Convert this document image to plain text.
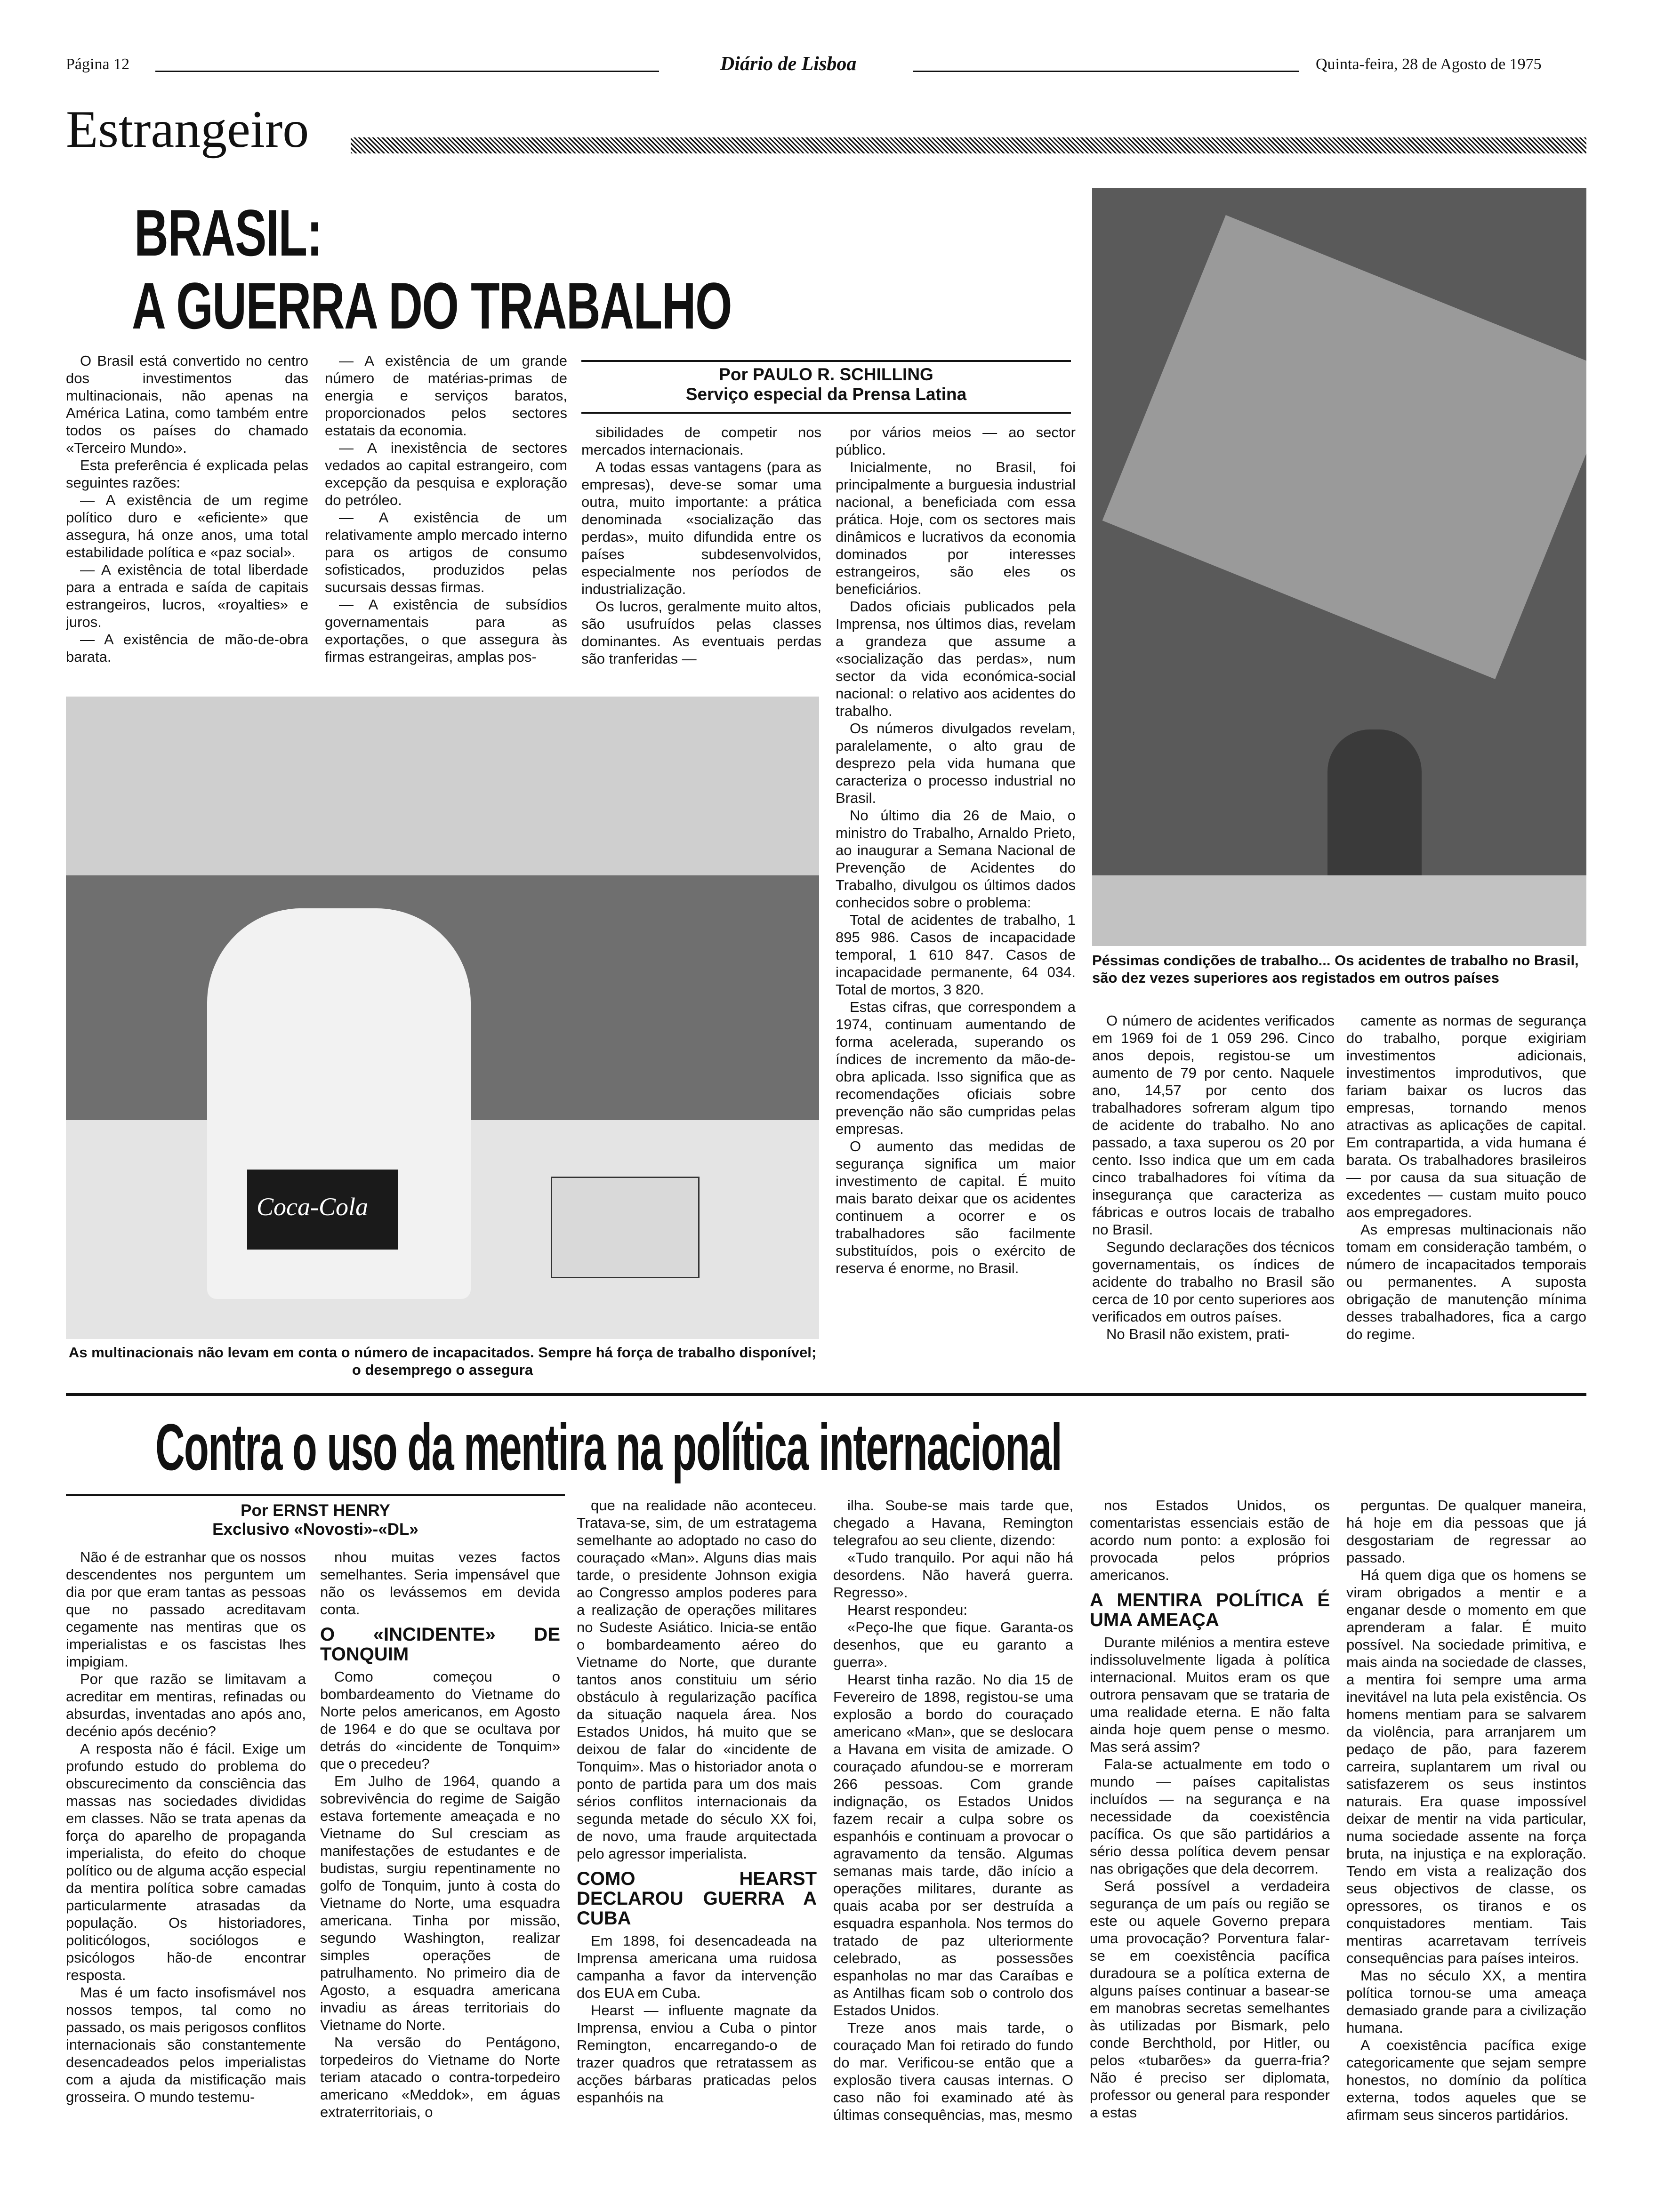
Página 12	Diário de Lisboa	Quinta-feira, 28 de Agosto de 1975
Estrangeiro
BRASIL:
A GUERRA DO TRABALHO
Por PAULO R. SCHILLING
Serviço especial da Prensa Latina

O Brasil está convertido no centro dos investimentos das multinacionais, não apenas na América Latina, como também entre todos os países do chamado «Terceiro Mundo».

Esta preferência é explicada pelas seguintes razões:

— A existência de um regime político duro e «eficiente» que assegura, há onze anos, uma total estabilidade política e «paz social».

— A existência de total liberdade para a entrada e saída de capitais estrangeiros, lucros, «royalties» e juros.

— A existência de mão-de-obra barata.

— A existência de um grande número de matérias-primas de energia e serviços baratos, proporcionados pelos sectores estatais da economia.

— A inexistência de sectores vedados ao capital estrangeiro, com excepção da pesquisa e exploração do petróleo.

— A existência de um relativamente amplo mercado interno para os artigos de consumo sofisticados, produzidos pelas sucursais dessas firmas.

— A existência de subsídios governamentais para as exportações, o que assegura às firmas estrangeiras, amplas pos-

sibilidades de competir nos mercados internacionais.

A todas essas vantagens (para as empresas), deve-se somar uma outra, muito importante: a prática denominada «socialização das perdas», muito difundida entre os países subdesenvolvidos, especialmente nos períodos de industrialização.

Os lucros, geralmente muito altos, são usufruídos pelas classes dominantes. As eventuais perdas são tranferidas —

por vários meios — ao sector público.

Inicialmente, no Brasil, foi principalmente a burguesia industrial nacional, a beneficiada com essa prática. Hoje, com os sectores mais dinâmicos e lucrativos da economia dominados por interesses estrangeiros, são eles os beneficiários.

Dados oficiais publicados pela Imprensa, nos últimos dias, revelam a grandeza que assume a «socialização das perdas», num sector da vida económica-social nacional: o relativo aos acidentes do trabalho.

Os números divulgados revelam, paralelamente, o alto grau de desprezo pela vida humana que caracteriza o processo industrial no Brasil.

No último dia 26 de Maio, o ministro do Trabalho, Arnaldo Prieto, ao inaugurar a Semana Nacional de Prevenção de Acidentes do Trabalho, divulgou os últimos dados conhecidos sobre o problema:

Total de acidentes de trabalho, 1 895 986. Casos de incapacidade temporal, 1 610 847. Casos de incapacidade permanente, 64 034. Total de mortos, 3 820.

Estas cifras, que correspondem a 1974, continuam aumentando de forma acelerada, superando os índices de incremento da mão-de-obra aplicada. Isso significa que as recomendações oficiais sobre prevenção não são cumpridas pelas empresas.

O aumento das medidas de segurança significa um maior investimento de capital. É muito mais barato deixar que os acidentes continuem a ocorrer e os trabalhadores são facilmente substituídos, pois o exército de reserva é enorme, no Brasil.

Coca-Cola
As multinacionais não levam em conta o número de incapacitados. Sempre há força de trabalho disponível; o desemprego o assegura
Péssimas condições de trabalho... Os acidentes de trabalho no Brasil, são dez vezes superiores aos registados em outros países

O número de acidentes verificados em 1969 foi de 1 059 296. Cinco anos depois, registou-se um aumento de 79 por cento. Naquele ano, 14,57 por cento dos trabalhadores sofreram algum tipo de acidente do trabalho. No ano passado, a taxa superou os 20 por cento. Isso indica que um em cada cinco trabalhadores foi vítima da insegurança que caracteriza as fábricas e outros locais de trabalho no Brasil.

Segundo declarações dos técnicos governamentais, os índices de acidente do trabalho no Brasil são cerca de 10 por cento superiores aos verificados em outros países.

No Brasil não existem, prati-

camente as normas de segurança do trabalho, porque exigiriam investimentos adicionais, investimentos improdutivos, que fariam baixar os lucros das empresas, tornando menos atractivas as aplicações de capital. Em contrapartida, a vida humana é barata. Os trabalhadores brasileiros — por causa da sua situação de excedentes — custam muito pouco aos empregadores.

As empresas multinacionais não tomam em consideração também, o número de incapacitados temporais ou permanentes. A suposta obrigação de manutenção mínima desses trabalhadores, fica a cargo do regime.

Contra o uso da mentira na política internacional
Por ERNST HENRY
Exclusivo «Novosti»-«DL»

Não é de estranhar que os nossos descendentes nos perguntem um dia por que eram tantas as pessoas que no passado acreditavam cegamente nas mentiras que os imperialistas e os fascistas lhes impigiam.

Por que razão se limitavam a acreditar em mentiras, refinadas ou absurdas, inventadas ano após ano, decénio após decénio?

A resposta não é fácil. Exige um profundo estudo do problema do obscurecimento da consciência das massas nas sociedades divididas em classes. Não se trata apenas da força do aparelho de propaganda imperialista, do efeito do choque político ou de alguma acção especial da mentira política sobre camadas particularmente atrasadas da população. Os historiadores, politicólogos, sociólogos e psicólogos hão-de encontrar resposta.

Mas é um facto insofismável nos nossos tempos, tal como no passado, os mais perigosos conflitos internacionais são constantemente desencadeados pelos imperialistas com a ajuda da mistificação mais grosseira. O mundo testemu-

nhou muitas vezes factos semelhantes. Seria impensável que não os levássemos em devida conta.

O «INCIDENTE» DE TONQUIM

Como começou o bombardeamento do Vietname do Norte pelos americanos, em Agosto de 1964 e do que se ocultava por detrás do «incidente de Tonquim» que o precedeu?

Em Julho de 1964, quando a sobrevivência do regime de Saigão estava fortemente ameaçada e no Vietname do Sul cresciam as manifestações de estudantes e de budistas, surgiu repentinamente no golfo de Tonquim, junto à costa do Vietname do Norte, uma esquadra americana. Tinha por missão, segundo Washington, realizar simples operações de patrulhamento. No primeiro dia de Agosto, a esquadra americana invadiu as áreas territoriais do Vietname do Norte.

Na versão do Pentágono, torpedeiros do Vietname do Norte teriam atacado o contra-torpedeiro americano «Meddok», em águas extraterritoriais, o

que na realidade não aconteceu. Tratava-se, sim, de um estratagema semelhante ao adoptado no caso do couraçado «Man». Alguns dias mais tarde, o presidente Johnson exigia ao Congresso amplos poderes para a realização de operações militares no Sudeste Asiático. Inicia-se então o bombardeamento aéreo do Vietname do Norte, que durante tantos anos constituiu um sério obstáculo à regularização pacífica da situação naquela área. Nos Estados Unidos, há muito que se deixou de falar do «incidente de Tonquim». Mas o historiador anota o ponto de partida para um dos mais sérios conflitos internacionais da segunda metade do século XX foi, de novo, uma fraude arquitectada pelo agressor imperialista.

COMO HEARST DECLAROU GUERRA A CUBA

Em 1898, foi desencadeada na Imprensa americana uma ruidosa campanha a favor da intervenção dos EUA em Cuba.

Hearst — influente magnate da Imprensa, enviou a Cuba o pintor Remington, encarregando-o de trazer quadros que retratassem as acções bárbaras praticadas pelos espanhóis na

ilha. Soube-se mais tarde que, chegado a Havana, Remington telegrafou ao seu cliente, dizendo:

«Tudo tranquilo. Por aqui não há desordens. Não haverá guerra. Regresso».

Hearst respondeu:

«Peço-lhe que fique. Garanta-os desenhos, que eu garanto a guerra».

Hearst tinha razão. No dia 15 de Fevereiro de 1898, registou-se uma explosão a bordo do couraçado americano «Man», que se deslocara a Havana em visita de amizade. O couraçado afundou-se e morreram 266 pessoas. Com grande indignação, os Estados Unidos fazem recair a culpa sobre os espanhóis e continuam a provocar o agravamento da tensão. Algumas semanas mais tarde, dão início a operações militares, durante as quais acaba por ser destruída a esquadra espanhola. Nos termos do tratado de paz ulteriormente celebrado, as possessões espanholas no mar das Caraíbas e as Antilhas ficam sob o controlo dos Estados Unidos.

Treze anos mais tarde, o couraçado Man foi retirado do fundo do mar. Verificou-se então que a explosão tivera causas internas. O caso não foi examinado até às últimas consequências, mas, mesmo

nos Estados Unidos, os comentaristas essenciais estão de acordo num ponto: a explosão foi provocada pelos próprios americanos.

A MENTIRA POLÍTICA É UMA AMEAÇA

Durante milénios a mentira esteve indissoluvelmente ligada à política internacional. Muitos eram os que outrora pensavam que se trataria de uma realidade eterna. E não falta ainda hoje quem pense o mesmo. Mas será assim?

Fala-se actualmente em todo o mundo — países capitalistas incluídos — na segurança e na necessidade da coexistência pacífica. Os que são partidários a sério dessa política devem pensar nas obrigações que dela decorrem.

Será possível a verdadeira segurança de um país ou região se este ou aquele Governo prepara uma provocação? Porventura falar-se em coexistência pacífica duradoura se a política externa de alguns países continuar a basear-se em manobras secretas semelhantes às utilizadas por Bismark, pelo conde Berchthold, por Hitler, ou pelos «tubarões» da guerra-fria? Não é preciso ser diplomata, professor ou general para responder a estas

perguntas. De qualquer maneira, há hoje em dia pessoas que já desgostariam de regressar ao passado.

Há quem diga que os homens se viram obrigados a mentir e a enganar desde o momento em que aprenderam a falar. É muito possível. Na sociedade primitiva, e mais ainda na sociedade de classes, a mentira foi sempre uma arma inevitável na luta pela existência. Os homens mentiam para se salvarem da violência, para arranjarem um pedaço de pão, para fazerem carreira, suplantarem um rival ou satisfazerem os seus instintos naturais. Era quase impossível deixar de mentir na vida particular, numa sociedade assente na força bruta, na injustiça e na exploração. Tendo em vista a realização dos seus objectivos de classe, os opressores, os tiranos e os conquistadores mentiam. Tais mentiras acarretavam terríveis consequências para países inteiros.

Mas no século XX, a mentira política tornou-se uma ameaça demasiado grande para a civilização humana.

A coexistência pacífica exige categoricamente que sejam sempre honestos, no domínio da política externa, todos aqueles que se afirmam seus sinceros partidários.
